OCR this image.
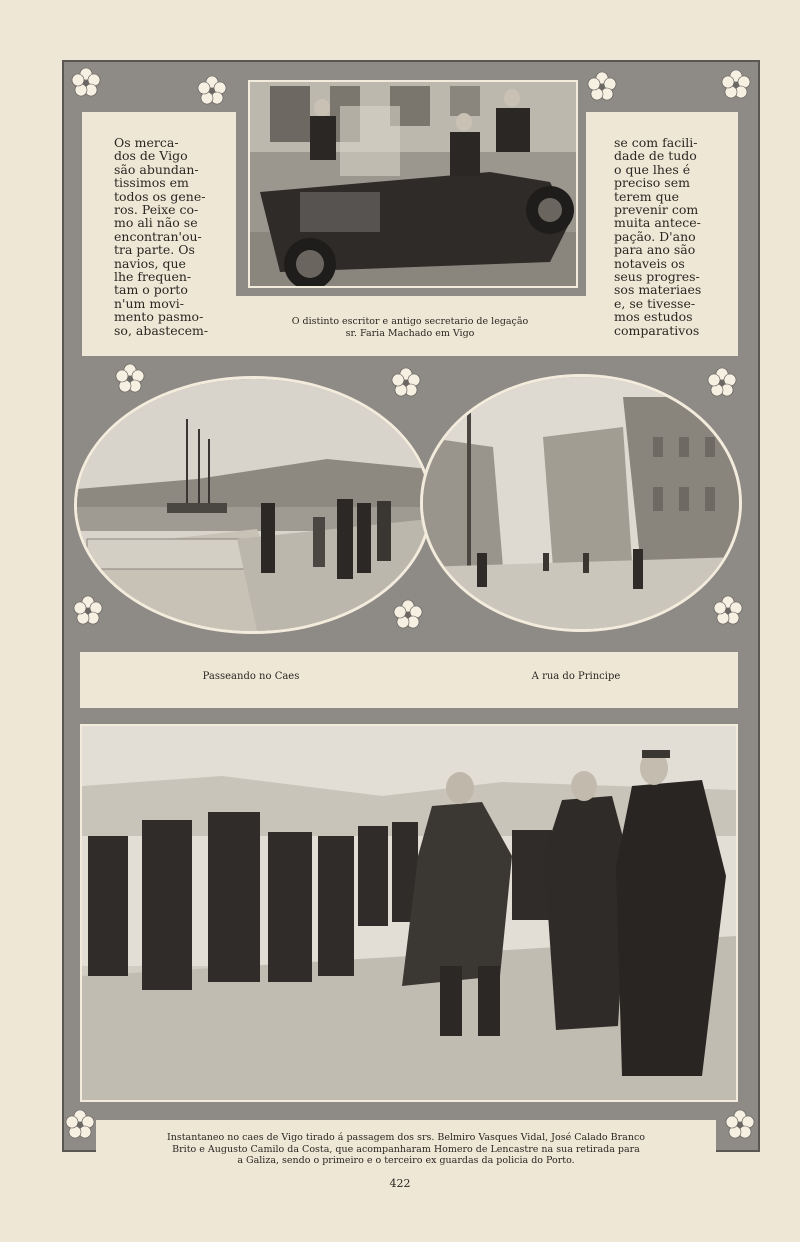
Os merca-
dos de Vigo
são abundan-
tissimos em
todos os gene-
ros. Peixe co-
mo ali não se
encontran'ou-
tra parte. Os
navios, que
lhe frequen-
tam o porto
n'um movi-
mento pasmo-
so, abastecem-
se com facili-
dade de tudo
o que lhes é
preciso sem
terem que
prevenir com
muita antece-
pação. D'ano
para ano são
notaveis os
seus progres-
sos materiaes
e, se tivesse-
mos estudos
comparativos
O distinto escritor e antigo secretario de legação
sr. Faria Machado em Vigo
Passeando no Caes	A rua do Principe
Instantaneo no caes de Vigo tirado á passagem dos srs. Belmiro Vasques Vidal, José Calado Branco
Brito e Augusto Camilo da Costa, que acompanharam Homero de Lencastre na sua retirada para
a Galiza, sendo o primeiro e o terceiro ex guardas da policia do Porto.
422
